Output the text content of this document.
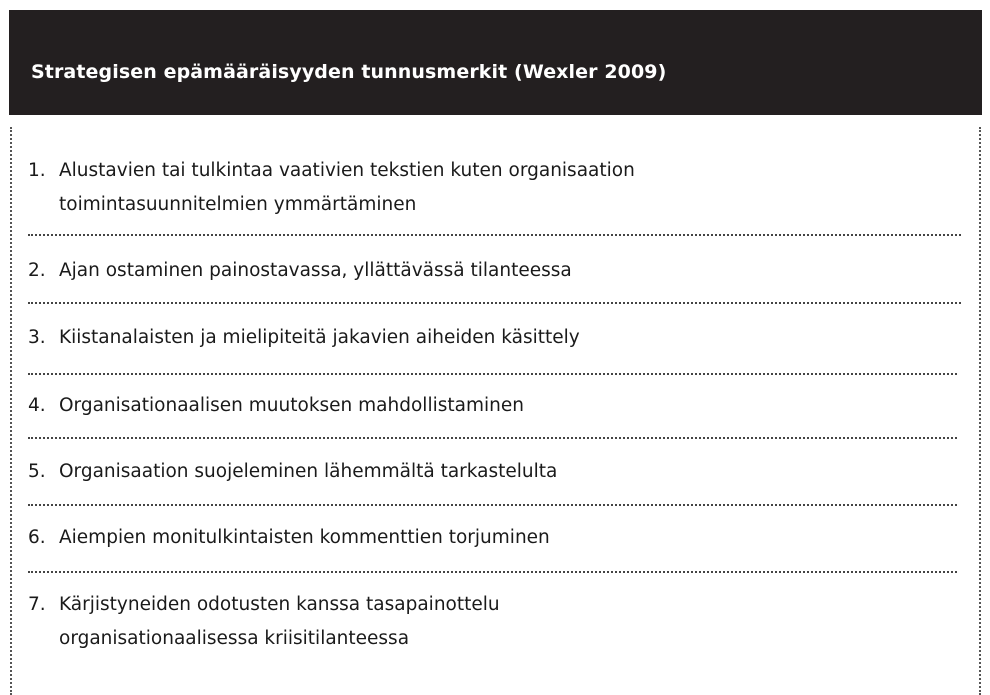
Strategisen epämääräisyyden tunnusmerkit (Wexler 2009)
1. Alustavien tai tulkintaa vaativien tekstien kuten organisaation
toimintasuunnitelmien ymmärtäminen
2. Ajan ostaminen painostavassa, yllättävässä tilanteessa
3. Kiistanalaisten ja mielipiteitä jakavien aiheiden käsittely
4. Organisationaalisen muutoksen mahdollistaminen
5. Organisaation suojeleminen lähemmältä tarkastelulta
6. Aiempien monitulkintaisten kommenttien torjuminen
7. Kärjistyneiden odotusten kanssa tasapainottelu
organisationaalisessa kriisitilanteessa
